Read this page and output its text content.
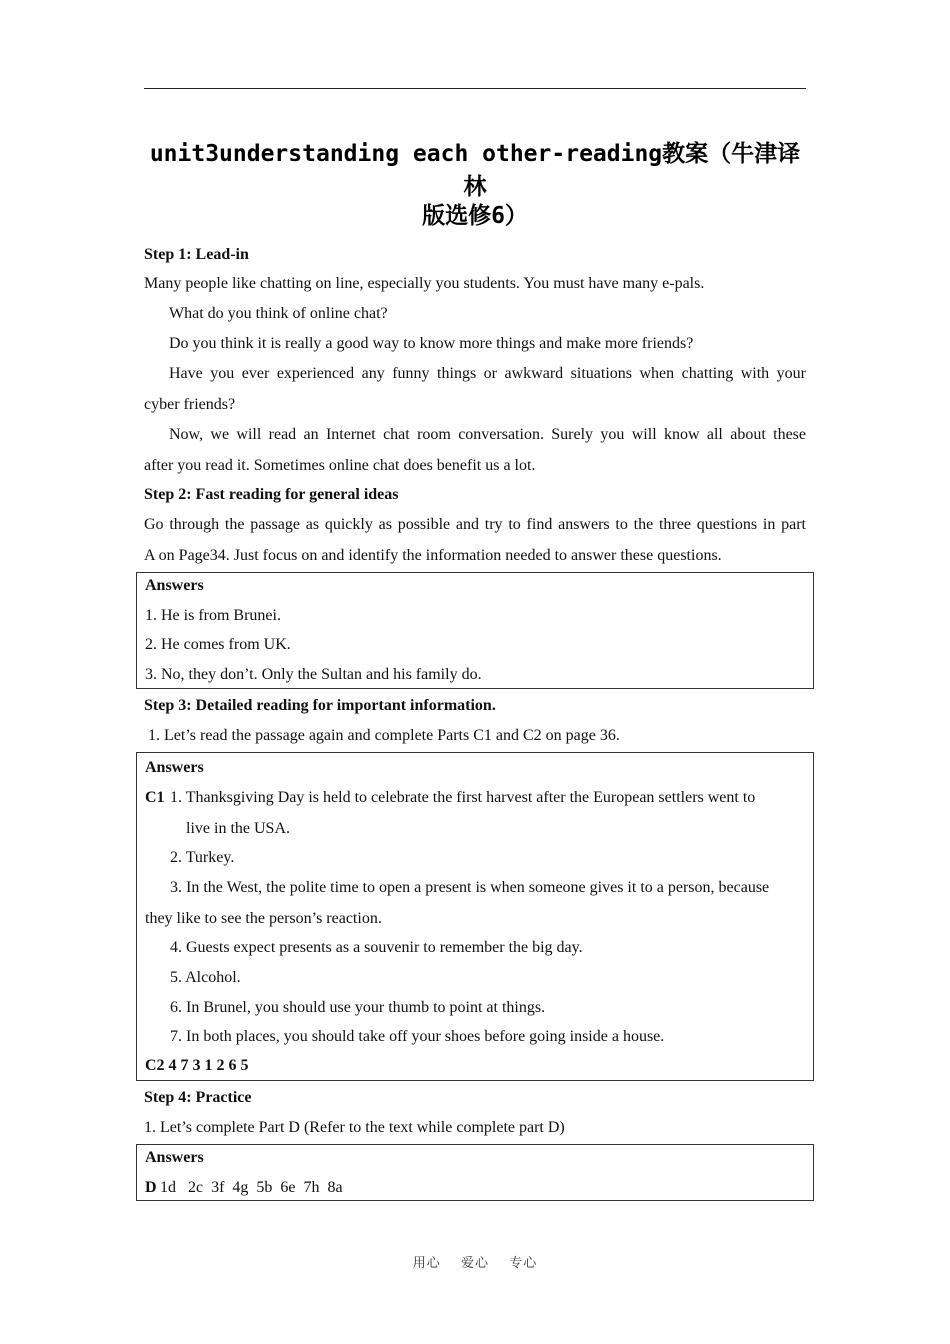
unit3understanding each other-reading教案（牛津译林
版选修6）
Step 1: Lead-in
Many people like chatting on line, especially you students. You must have many e-pals.
What do you think of online chat?
Do you think it is really a good way to know more things and make more friends?
Have you ever experienced any funny things or awkward situations when chatting with your
cyber friends?
Now, we will read an Internet chat room conversation. Surely you will know all about these
after you read it. Sometimes online chat does benefit us a lot.
Step 2: Fast reading for general ideas
Go through the passage as quickly as possible and try to find answers to the three questions in part
A on Page34. Just focus on and identify the information needed to answer these questions.
Answers
1. He is from Brunei.
2. He comes from UK.
3. No, they don’t. Only the Sultan and his family do.
Step 3: Detailed reading for important information.
1. Let’s read the passage again and complete Parts C1 and C2 on page 36.
Answers
C1 1. Thanksgiving Day is held to celebrate the first harvest after the European settlers went to
live in the USA.
2. Turkey.
3. In the West, the polite time to open a present is when someone gives it to a person, because
they like to see the person’s reaction.
4. Guests expect presents as a souvenir to remember the big day.
5. Alcohol.
6. In Brunel, you should use your thumb to point at things.
7. In both places, you should take off your shoes before going inside a house.
C2 4 7 3 1 2 6 5
Step 4: Practice
1. Let’s complete Part D (Refer to the text while complete part D)
Answers
D 1d   2c  3f  4g  5b  6e  7h  8a
用心 爱心 专心
